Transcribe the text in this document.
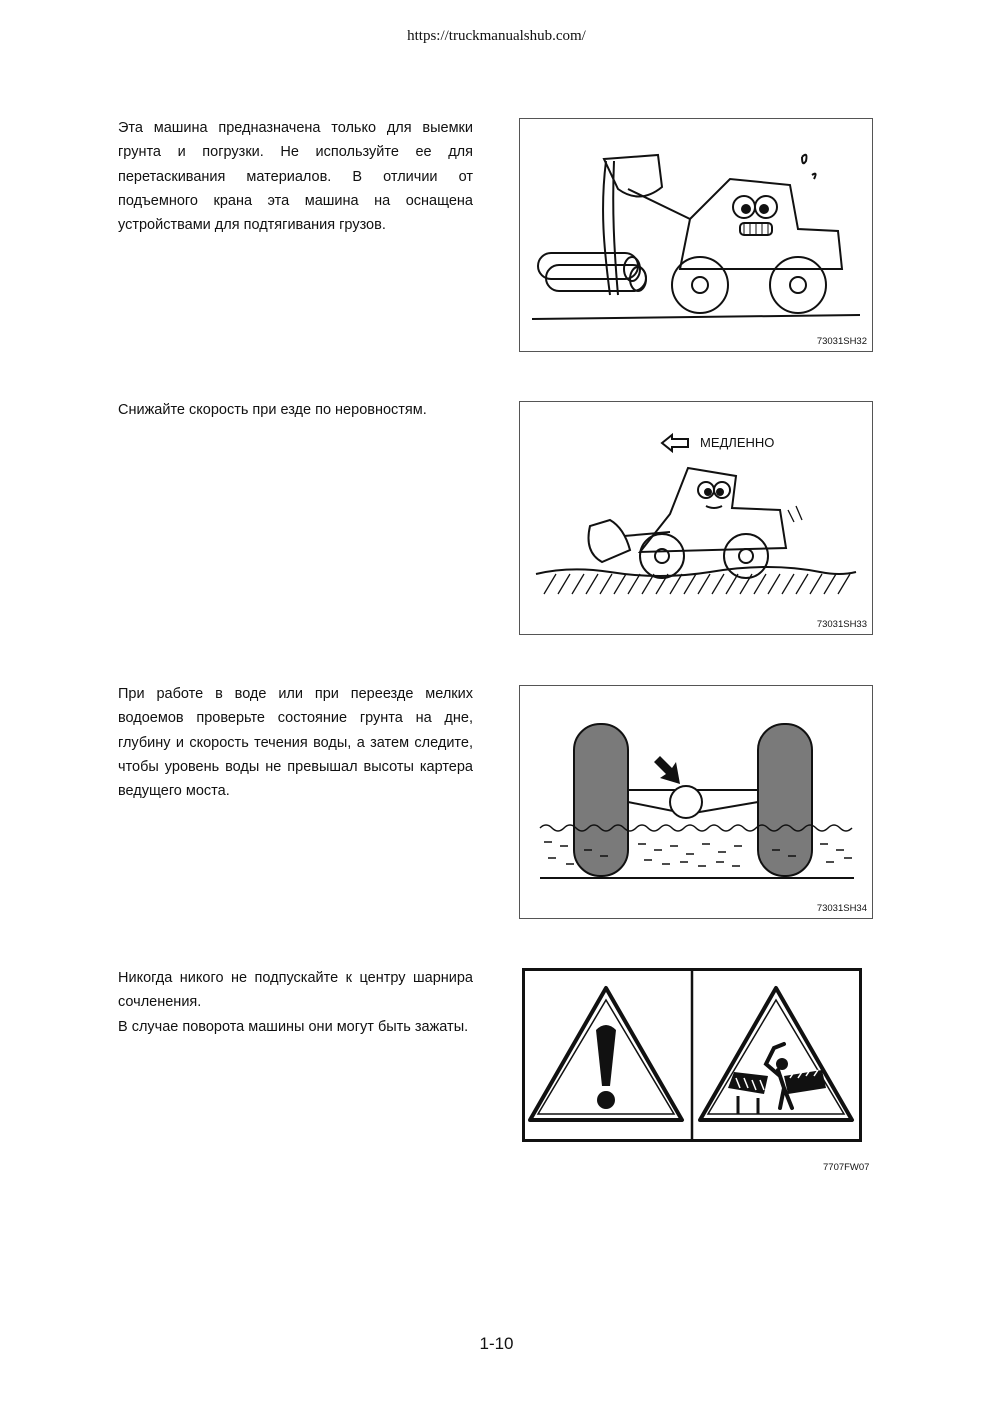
https://truckmanualshub.com/

Эта машина предназначена только для выемки грунта и погрузки. Не используйте ее для перетаскивания материалов. В отличии от подъемного крана эта машина на оснащена устройствами для подтягивания грузов.

73031SH32

Снижайте скорость при езде по неровностям.

МЕДЛЕННО
73031SH33

При работе в воде или при переезде мелких водоемов проверьте состояние грунта на дне, глубину и скорость течения воды, а затем следите, чтобы уровень воды не превышал высоты картера ведущего моста.

73031SH34

Никогда никого не подпускайте к центру шарнира сочленения.

В случае поворота машины они могут быть зажаты.

7707FW07
1-10
